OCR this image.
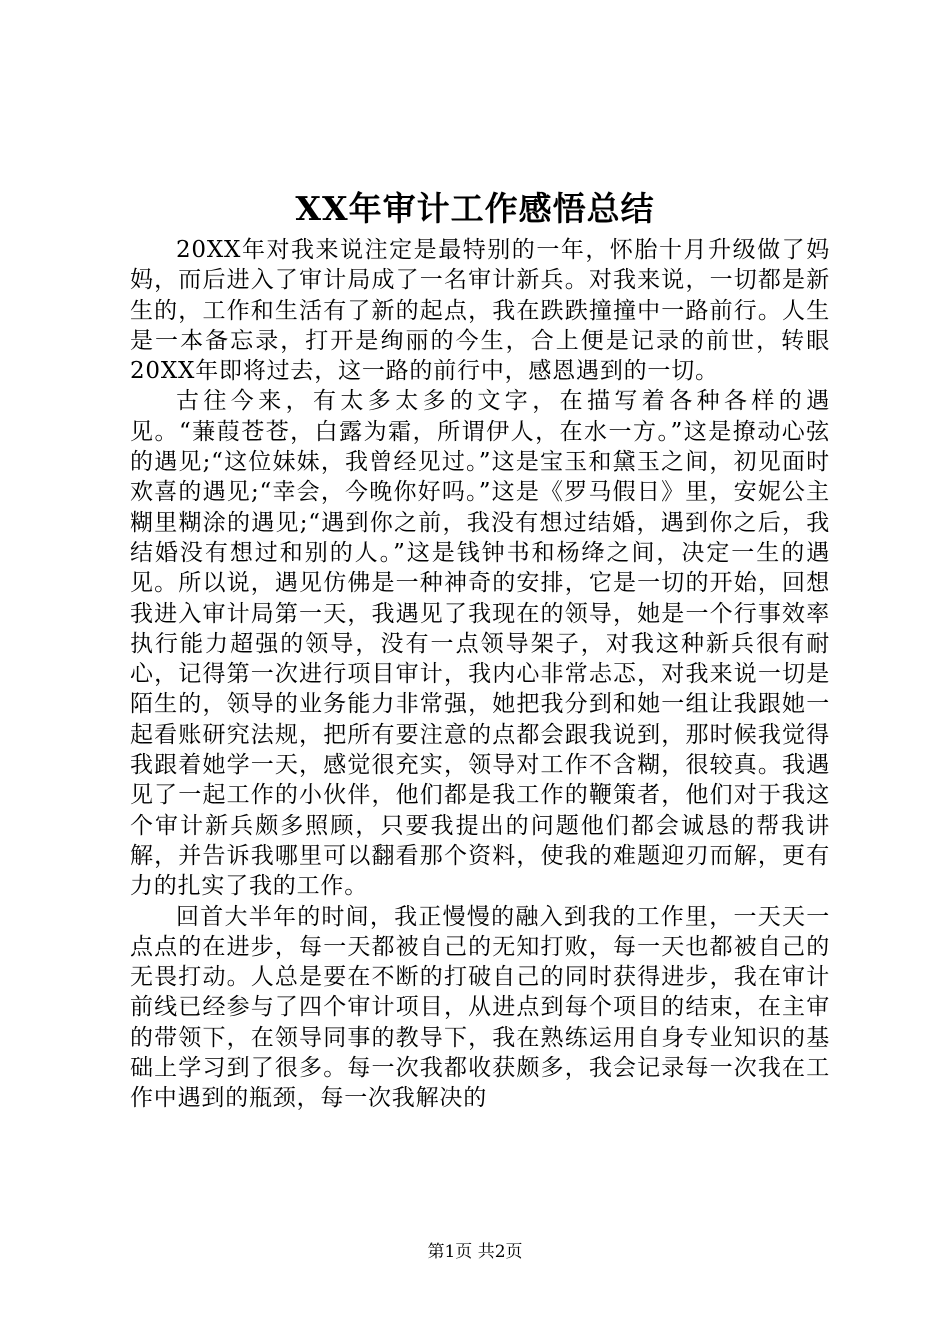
XX年审计工作感悟总结

20XX年对我来说注定是最特别的一年，怀胎十月升级做了妈妈，而后进入了审计局成了一名审计新兵。对我来说，一切都是新生的，工作和生活有了新的起点，我在跌跌撞撞中一路前行。人生是一本备忘录，打开是绚丽的今生，合上便是记录的前世，转眼20XX年即将过去，这一路的前行中，感恩遇到的一切。

古往今来，有太多太多的文字，在描写着各种各样的遇见。“蒹葭苍苍，白露为霜，所谓伊人，在水一方。”这是撩动心弦的遇见;“这位妹妹，我曾经见过。”这是宝玉和黛玉之间，初见面时欢喜的遇见;“幸会，今晚你好吗。”这是《罗马假日》里，安妮公主糊里糊涂的遇见;“遇到你之前，我没有想过结婚，遇到你之后，我结婚没有想过和别的人。”这是钱钟书和杨绛之间，决定一生的遇见。所以说，遇见仿佛是一种神奇的安排，它是一切的开始，回想我进入审计局第一天，我遇见了我现在的领导，她是一个行事效率执行能力超强的领导，没有一点领导架子，对我这种新兵很有耐心，记得第一次进行项目审计，我内心非常忐忑，对我来说一切是陌生的，领导的业务能力非常强，她把我分到和她一组让我跟她一起看账研究法规，把所有要注意的点都会跟我说到，那时候我觉得我跟着她学一天，感觉很充实，领导对工作不含糊，很较真。我遇见了一起工作的小伙伴，他们都是我工作的鞭策者，他们对于我这个审计新兵颇多照顾，只要我提出的问题他们都会诚恳的帮我讲解，并告诉我哪里可以翻看那个资料，使我的难题迎刃而解，更有力的扎实了我的工作。

回首大半年的时间，我正慢慢的融入到我的工作里，一天天一点点的在进步，每一天都被自己的无知打败，每一天也都被自己的无畏打动。人总是要在不断的打破自己的同时获得进步，我在审计前线已经参与了四个审计项目，从进点到每个项目的结束，在主审的带领下，在领导同事的教导下，我在熟练运用自身专业知识的基础上学习到了很多。每一次我都收获颇多，我会记录每一次我在工作中遇到的瓶颈，每一次我解决的

第1页 共2页
